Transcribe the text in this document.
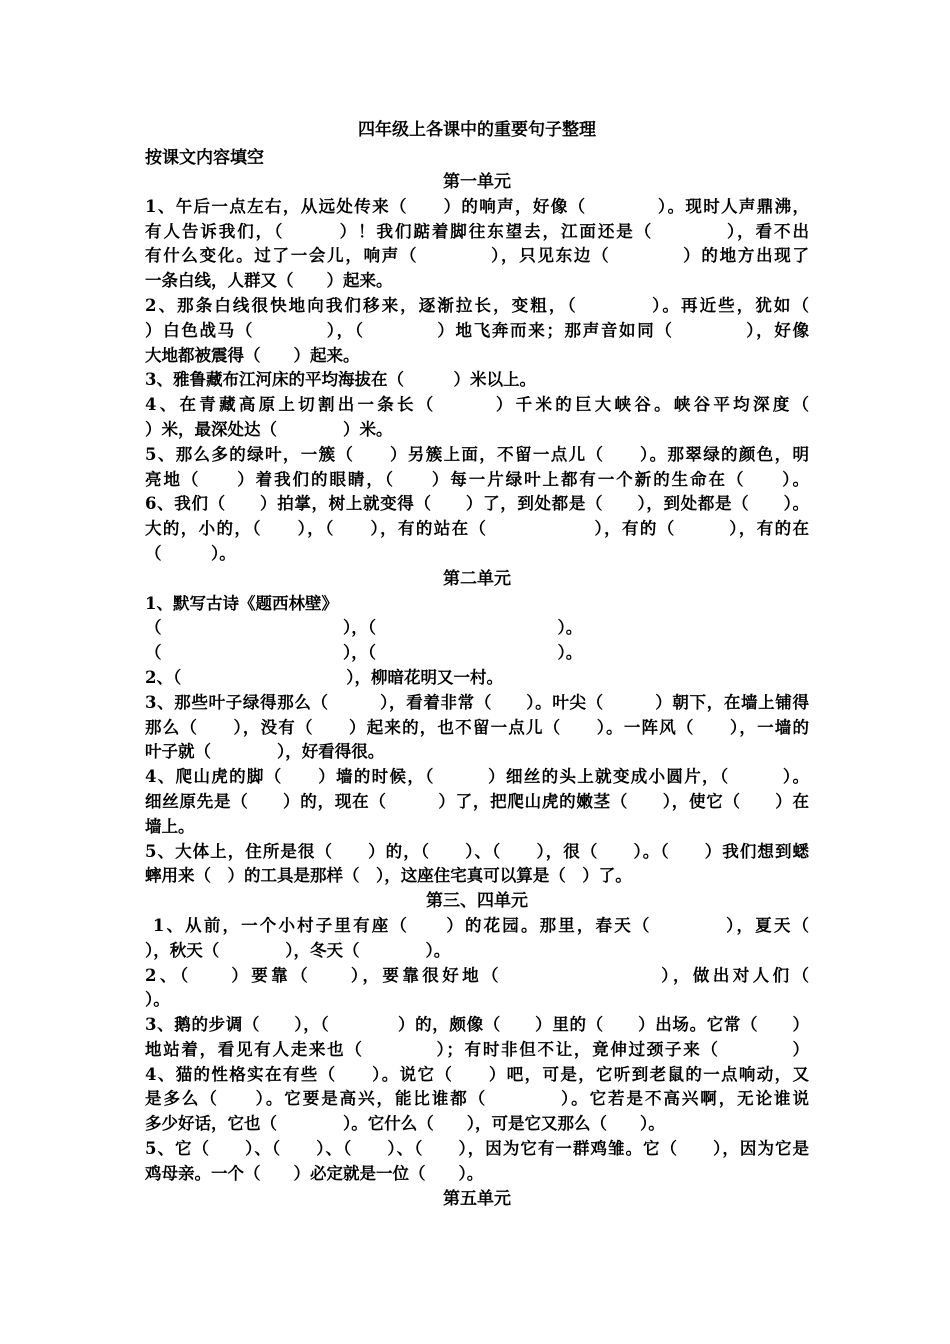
四年级上各课中的重要句子整理
按课文内容填空
第一单元
1、午后一点左右，从远处传来（　　）的响声，好像（　　　　）。现时人声鼎沸，
有人告诉我们，（　　　）！我们踮着脚往东望去，江面还是（　　　　），看不出
有什么变化。过了一会儿，响声（　　　　），只见东边（　　　　）的地方出现了
一条白线，人群又（　　）起来。
2、那条白线很快地向我们移来，逐渐拉长，变粗，（　　　　）。再近些，犹如（
）白色战马（　　　　），（　　　　）地飞奔而来；那声音如同（　　　　），好像
大地都被震得（　　）起来。
3、雅鲁藏布江河床的平均海拔在（　　　）米以上。
4、在青藏高原上切割出一条长（　　　）千米的巨大峡谷。峡谷平均深度（
）米，最深处达（　　　　）米。
5、那么多的绿叶，一簇（　　）另簇上面，不留一点儿（　　）。那翠绿的颜色，明
亮地（　　）着我们的眼睛，（　　）每一片绿叶上都有一个新的生命在（　　）。
6、我们（　　）拍掌，树上就变得（　　）了，到处都是（　　），到处都是（　　）。
大的，小的，（　　），（　　），有的站在（　　　　　　），有的（　　　），有的在
（　　　）。
第二单元
1、默写古诗《题西林壁》
（　　　　　　　　　　　），（　　　　　　　　　　　）。
（　　　　　　　　　　　），（　　　　　　　　　　　）。
2、（　　　　　　　　　　），柳暗花明又一村。
3、那些叶子绿得那么（　　　），看着非常（　　）。叶尖（　　　）朝下，在墙上铺得
那么（　　），没有（　　）起来的，也不留一点儿（　　）。一阵风（　　），一墙的
叶子就（　　　　），好看得很。
4、爬山虎的脚（　　）墙的时候，（　　　）细丝的头上就变成小圆片，（　　　）。
细丝原先是（　　）的，现在（　　　）了，把爬山虎的嫩茎（　　），使它（　　）在
墙上。
5、大体上，住所是很（　　）的，（　　）、（　　），很（　　）。（　　）我们想到蟋
蟀用来（　）的工具是那样（　），这座住宅真可以算是（　）了。
第三、四单元
1、从前，一个小村子里有座（　　）的花园。那里，春天（　　　　），夏天（
），秋天（　　　　），冬天（　　　　）。
2、（　　）要靠（　　），要靠很好地（　　　　　　　　），做出对人们（
）。
3、鹅的步调（　　），（　　　　）的，颇像（　　）里的（　　）出场。它常（　　）
地站着，看见有人走来也（　　　　）；有时非但不让，竟伸过颈子来（　　　　）
4、猫的性格实在有些（　　）。说它（　　）吧，可是，它听到老鼠的一点响动，又
是多么（　　）。它要是高兴，能比谁都（　　　　）。它若是不高兴啊，无论谁说
多少好话，它也（　　　　）。它什么（　　），可是它又那么（　　）。
5、它（　　）、（　　）、（　　）、（　　），因为它有一群鸡雏。它（　　），因为它是
鸡母亲。一个（　　）必定就是一位（　　）。
第五单元
